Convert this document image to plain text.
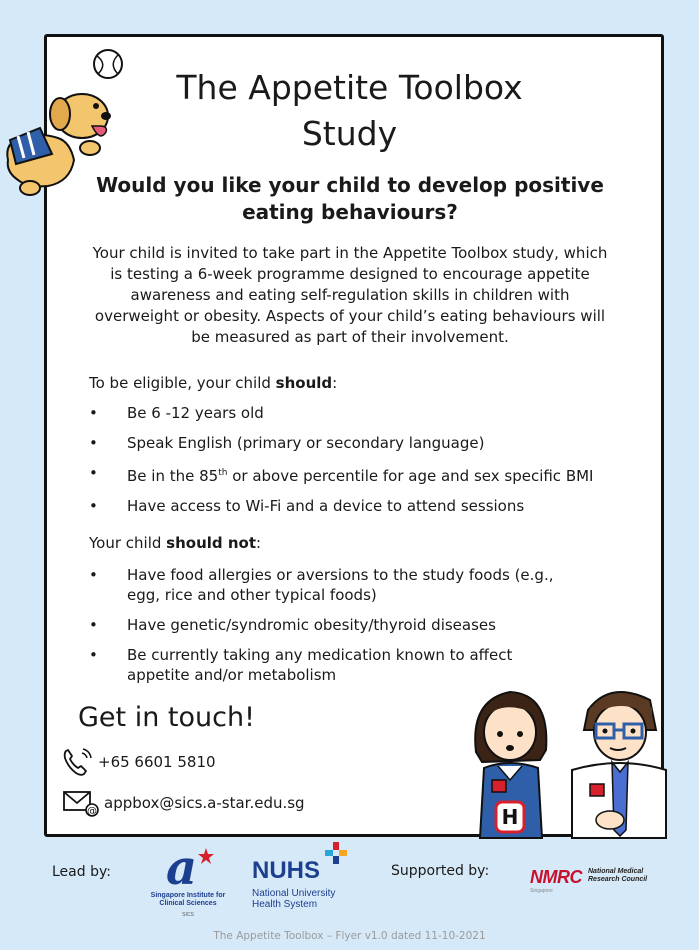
The Appetite Toolbox
Study
Would you like your child to develop positive
eating behaviours?

Your child is invited to take part in the Appetite Toolbox study, which is testing a 6-week programme designed to encourage appetite awareness and eating self-regulation skills in children with overweight or obesity. Aspects of your child’s eating behaviours will be measured as part of their involvement.

To be eligible, your child should:

• Be 6 -12 years old
• Speak English (primary or secondary language)
• Be in the 85th or above percentile for age and sex specific BMI
• Have access to Wi-Fi and a device to attend sessions

Your child should not:

• Have food allergies or aversions to the study foods (e.g., egg, rice and other typical foods)
• Have genetic/syndromic obesity/thyroid diseases
• Be currently taking any medication known to affect appetite and/or metabolism

Get in touch!

+65 6601 5810
@ appbox@sics.a-star.edu.sg
H
Lead by: a
Singapore Institute for
Clinical Sciences
SICS
NUHS
National University
Health System
Supported by: NMRC National Medical
Research Council
Singapore
The Appetite Toolbox – Flyer v1.0 dated 11-10-2021
